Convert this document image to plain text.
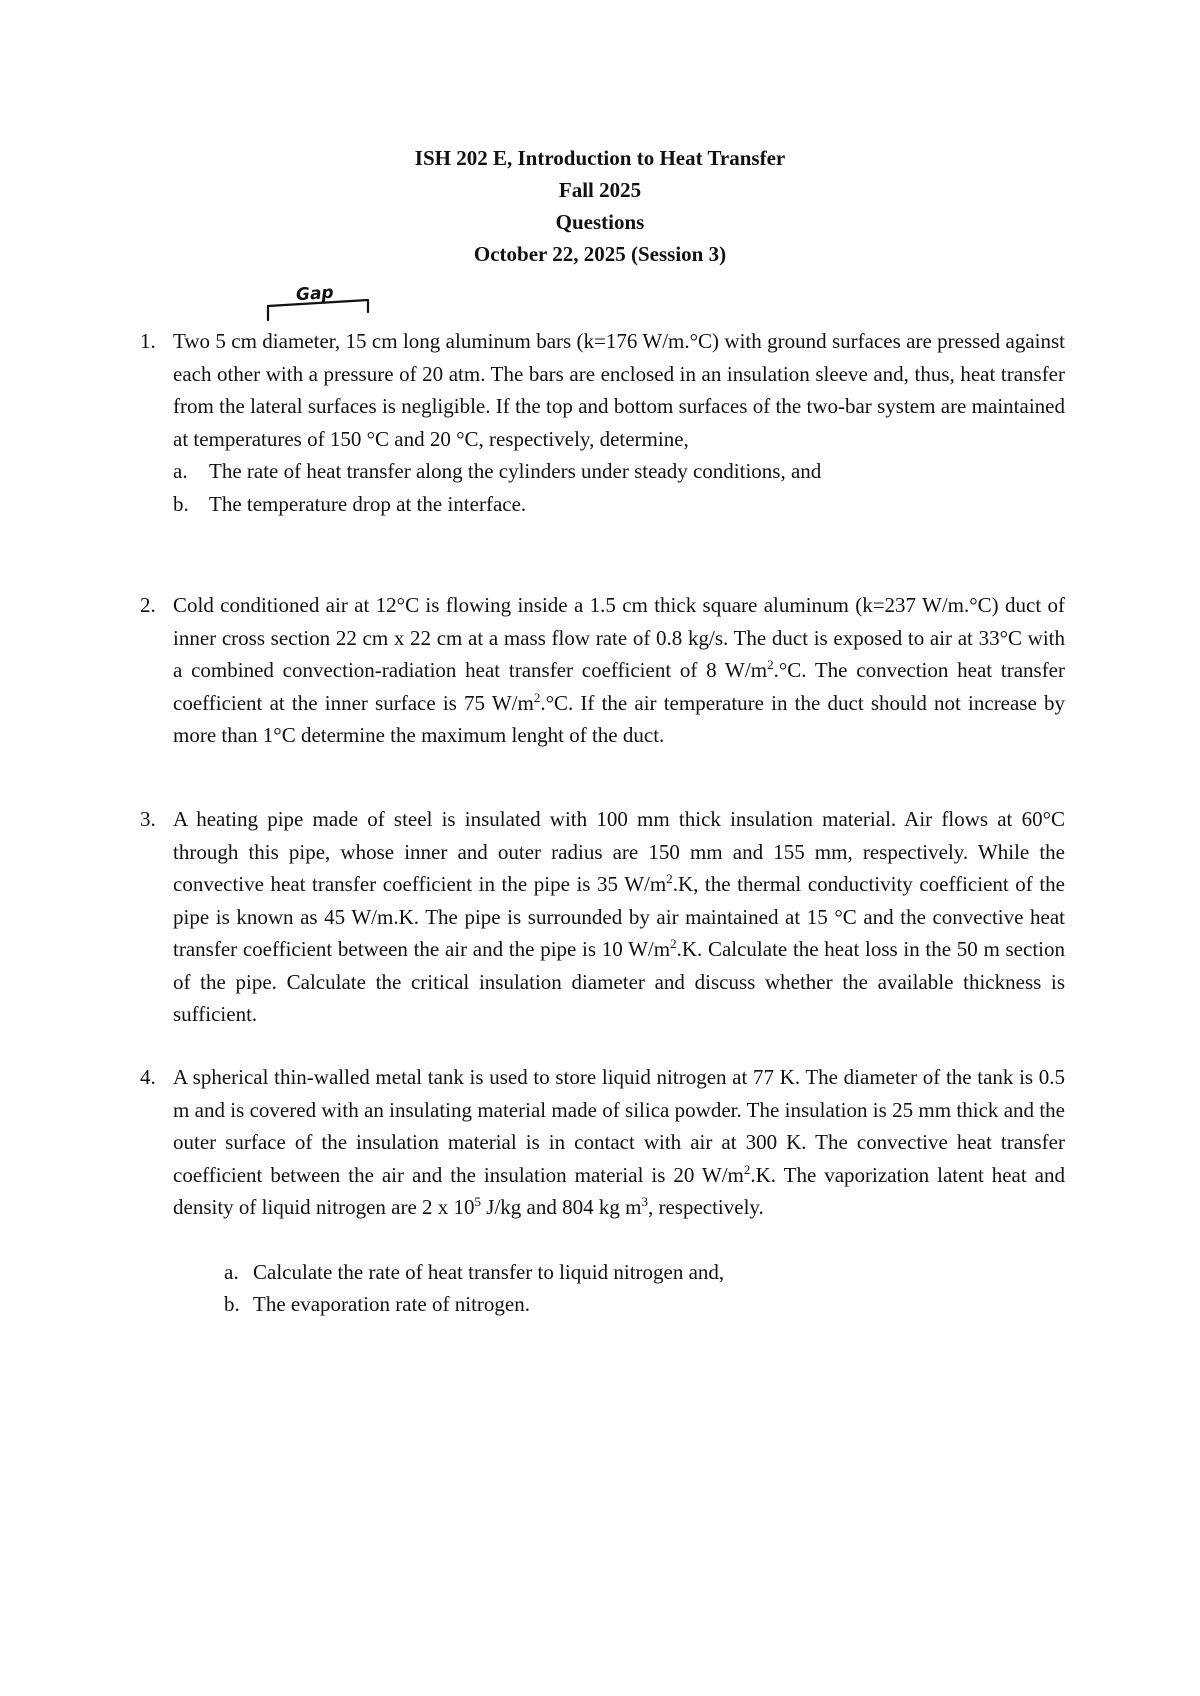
ISH 202 E, Introduction to Heat Transfer
Fall 2025
Questions
October 22, 2025 (Session 3)
Gap
1. Two 5 cm diameter, 15 cm long aluminum bars (k=176 W/m.°C) with ground surfaces are pressed against each other with a pressure of 20 atm. The bars are enclosed in an insulation sleeve and, thus, heat transfer from the lateral surfaces is negligible. If the top and bottom surfaces of the two-bar system are maintained at temperatures of 150 °C and 20 °C, respectively, determine,

a. The rate of heat transfer along the cylinders under steady conditions, and
b. The temperature drop at the interface.
2. Cold conditioned air at 12°C is flowing inside a 1.5 cm thick square aluminum (k=237 W/m.°C) duct of inner cross section 22 cm x 22 cm at a mass flow rate of 0.8 kg/s. The duct is exposed to air at 33°C with a combined convection-radiation heat transfer coefficient of 8 $W/m^2.^\circ C$. The convection heat transfer coefficient at the inner surface is 75 $W/m^2.^\circ C$. If the air temperature in the duct should not increase by more than 1°C determine the maximum lenght of the duct.

3. A heating pipe made of steel is insulated with 100 mm thick insulation material. Air flows at 60°C through this pipe, whose inner and outer radius are 150 mm and 155 mm, respectively. While the convective heat transfer coefficient in the pipe is 35 $W/m^2.K$, the thermal conductivity coefficient of the pipe is known as 45 W/m.K. The pipe is surrounded by air maintained at 15 °C and the convective heat transfer coefficient between the air and the pipe is 10 $W/m^2.K$. Calculate the heat loss in the 50 m section of the pipe. Calculate the critical insulation diameter and discuss whether the available thickness is sufficient.

4. A spherical thin-walled metal tank is used to store liquid nitrogen at 77 K. The diameter of the tank is 0.5 m and is covered with an insulating material made of silica powder. The insulation is 25 mm thick and the outer surface of the insulation material is in contact with air at 300 K. The convective heat transfer coefficient between the air and the insulation material is 20 $W/m^2.K$. The vaporization latent heat and density of liquid nitrogen are 2 x $10^5$ J/kg and 804 kg $m^3$, respectively.

a. Calculate the rate of heat transfer to liquid nitrogen and,
b. The evaporation rate of nitrogen.
